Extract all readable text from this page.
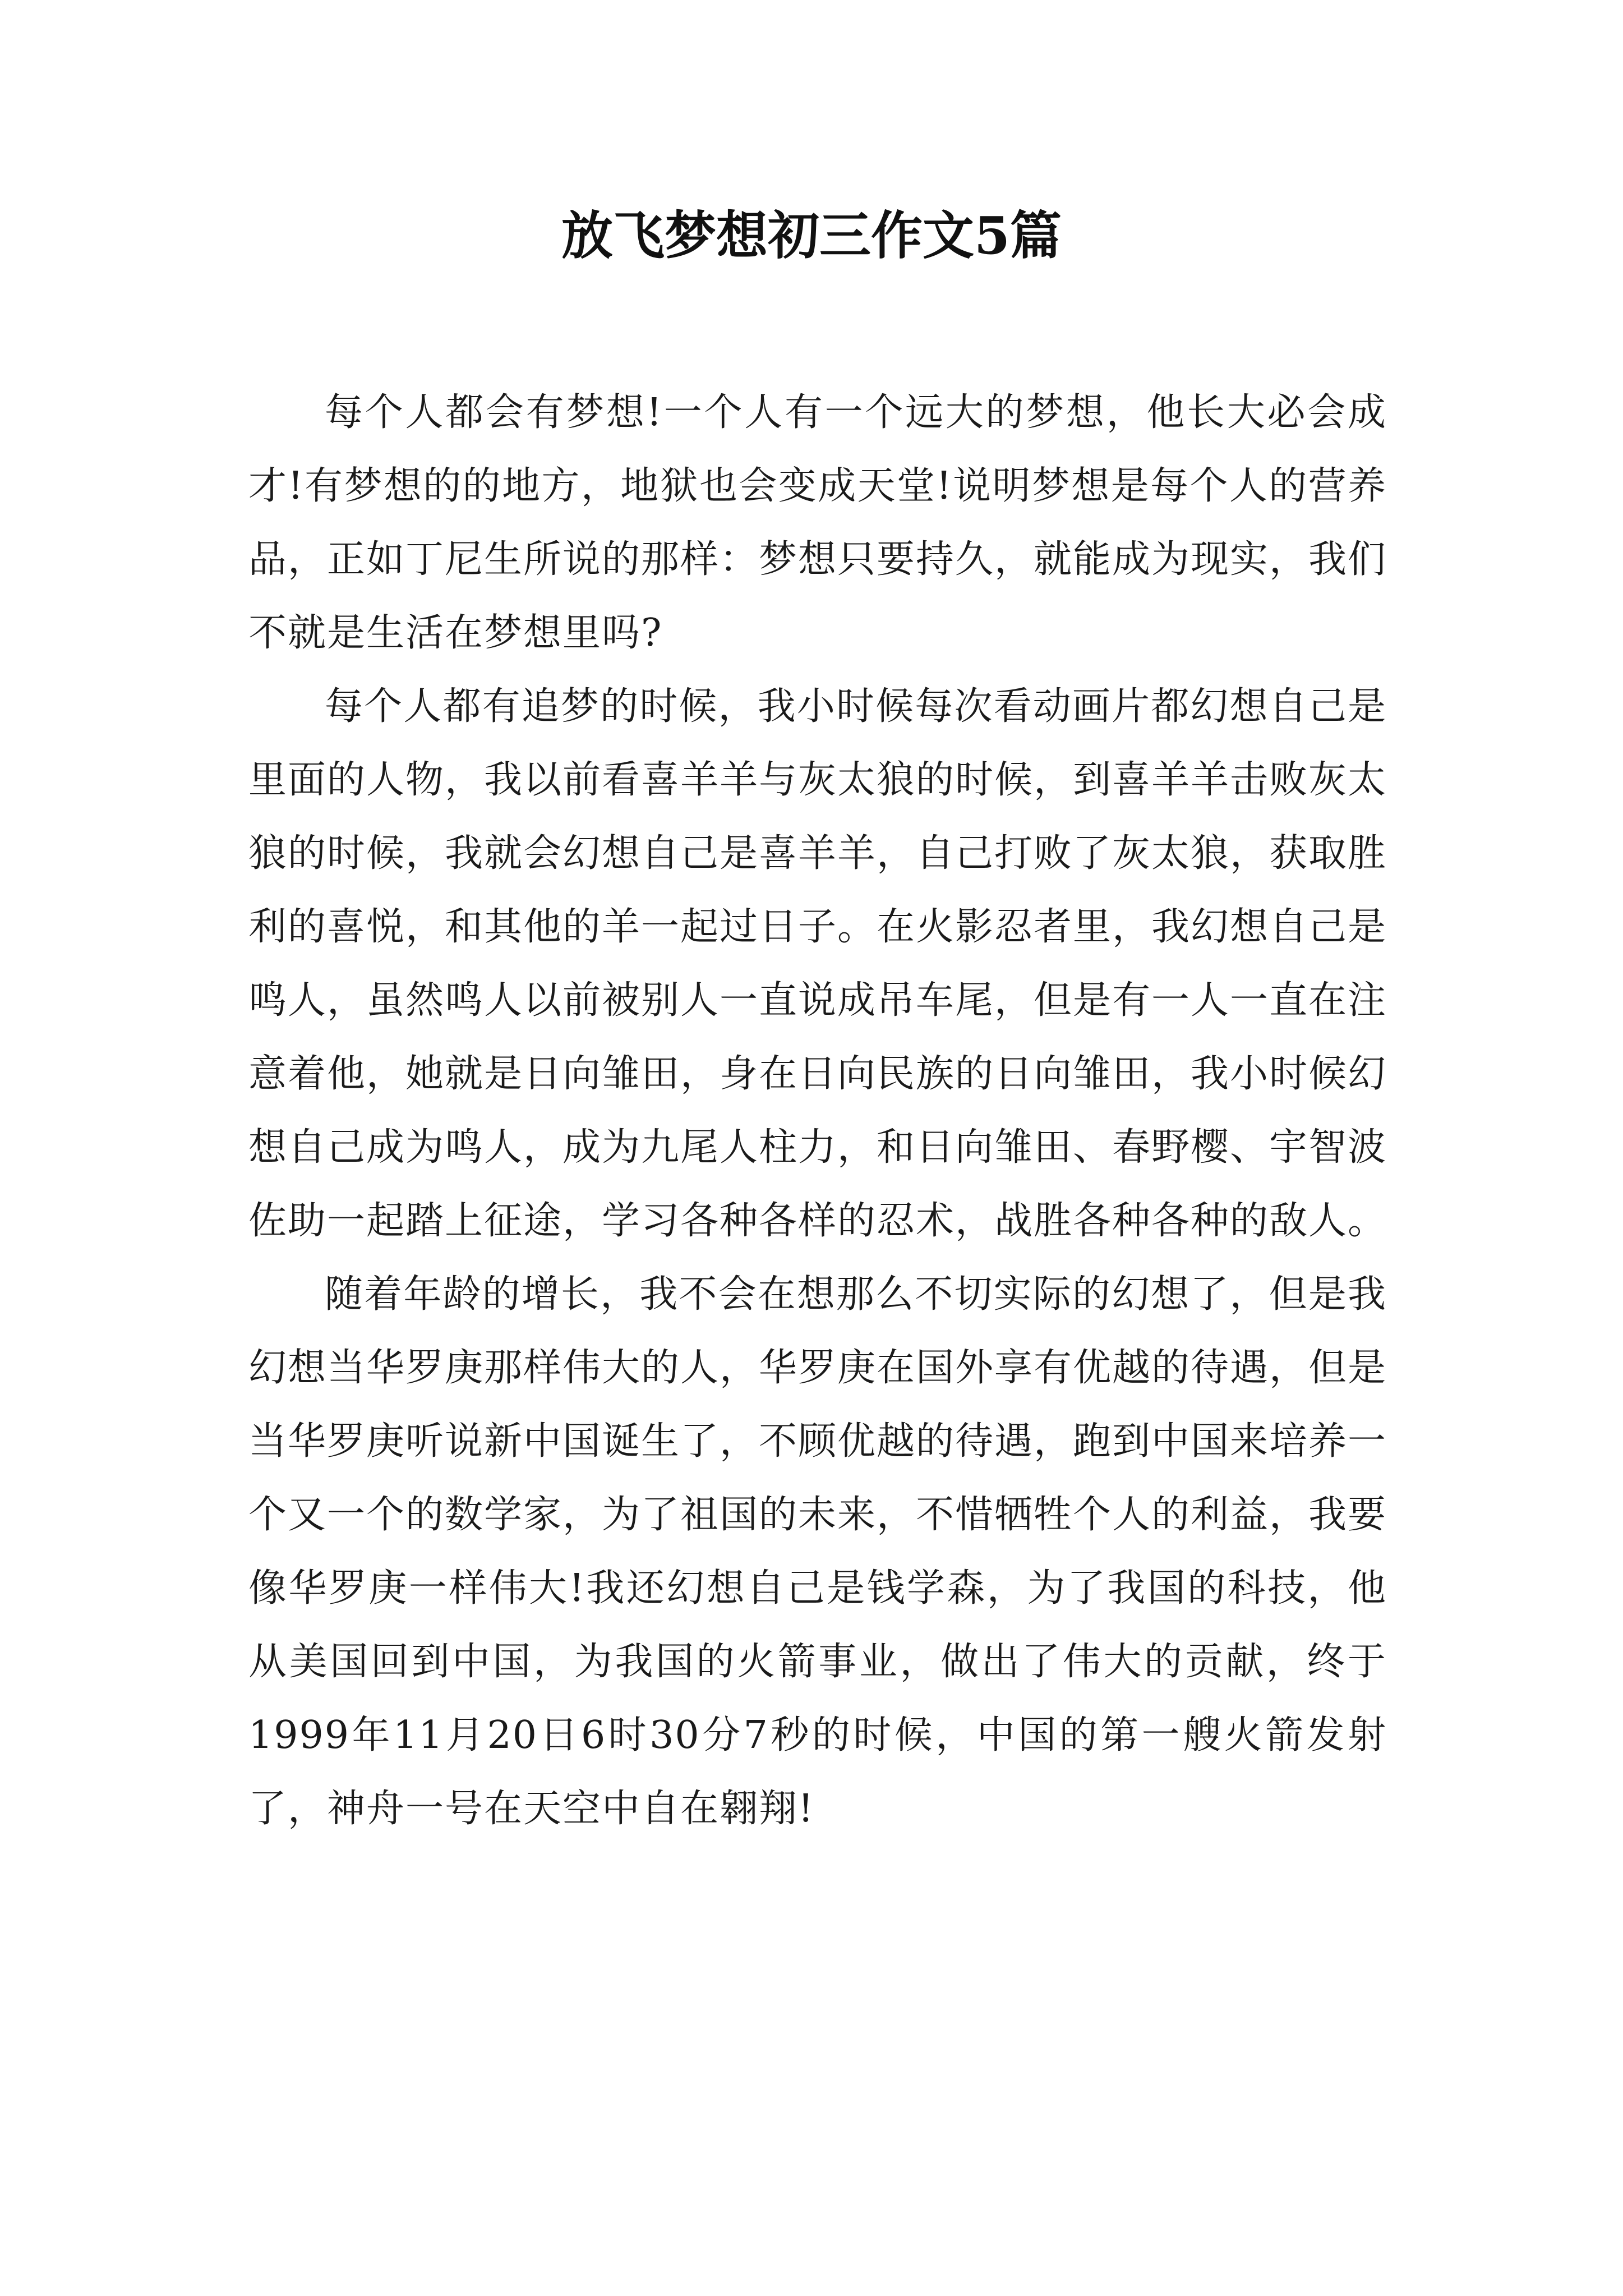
放飞梦想初三作文5篇

每个人都会有梦想!一个人有一个远大的梦想，他长大必会成才!有梦想的的地方，地狱也会变成天堂!说明梦想是每个人的营养品，正如丁尼生所说的那样：梦想只要持久，就能成为现实，我们不就是生活在梦想里吗?

每个人都有追梦的时候，我小时候每次看动画片都幻想自己是里面的人物，我以前看喜羊羊与灰太狼的时候，到喜羊羊击败灰太狼的时候，我就会幻想自己是喜羊羊，自己打败了灰太狼，获取胜利的喜悦，和其他的羊一起过日子。在火影忍者里，我幻想自己是鸣人，虽然鸣人以前被别人一直说成吊车尾，但是有一人一直在注意着他，她就是日向雏田，身在日向民族的日向雏田，我小时候幻想自己成为鸣人，成为九尾人柱力，和日向雏田、春野樱、宇智波佐助一起踏上征途，学习各种各样的忍术，战胜各种各种的敌人。

随着年龄的增长，我不会在想那么不切实际的幻想了，但是我幻想当华罗庚那样伟大的人，华罗庚在国外享有优越的待遇，但是当华罗庚听说新中国诞生了，不顾优越的待遇，跑到中国来培养一个又一个的数学家，为了祖国的未来，不惜牺牲个人的利益，我要像华罗庚一样伟大!我还幻想自己是钱学森，为了我国的科技，他从美国回到中国，为我国的火箭事业，做出了伟大的贡献，终于1999年11月20日6时30分7秒的时候，中国的第一艘火箭发射了，神舟一号在天空中自在翱翔!
